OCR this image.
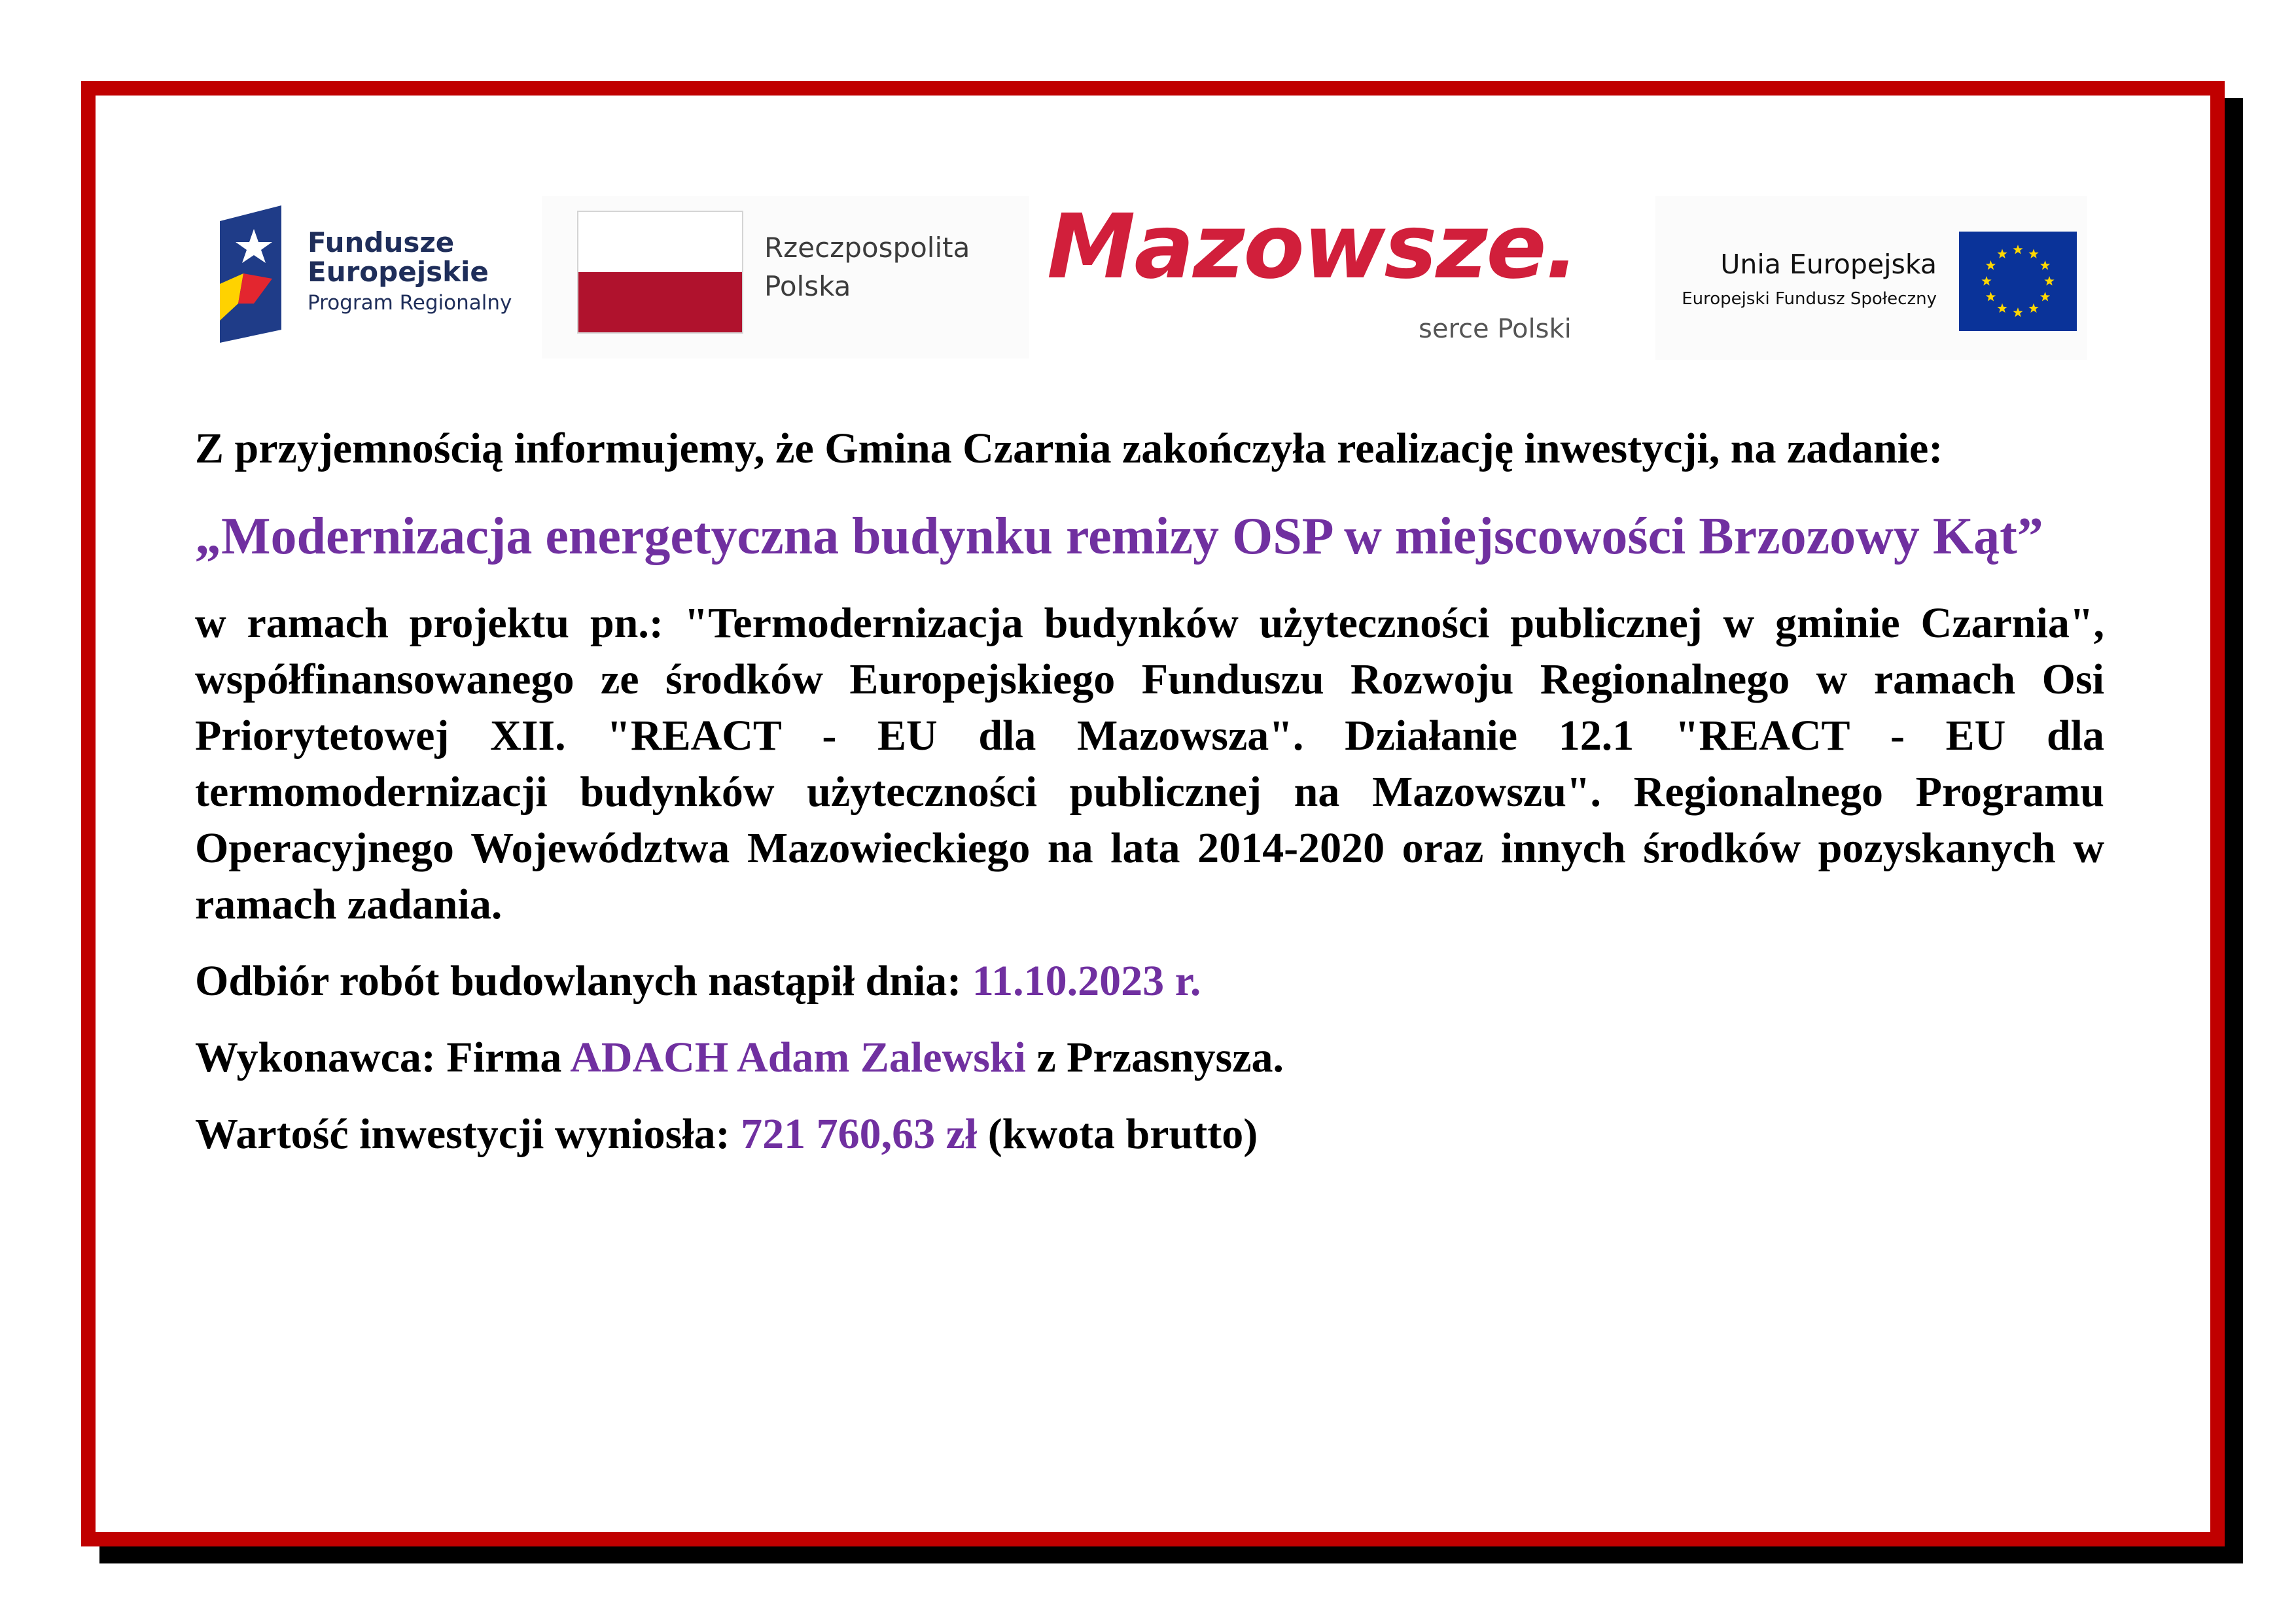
Fundusze
Europejskie
Program Regionalny
Rzeczpospolita
Polska	Mazowsze.
serce Polski
Unia Europejska
Europejski Fundusz Społeczny

Z przyjemnością informujemy, że Gmina Czarnia zakończyła realizację inwestycji, na zadanie:

„Modernizacja energetyczna budynku remizy OSP w miejscowości Brzozowy Kąt”

w ramach projektu pn.: "Termodernizacja budynków użyteczności publicznej w gminie Czarnia", współfinansowanego ze środków Europejskiego Funduszu Rozwoju Regionalnego w ramach Osi Priorytetowej XII. "REACT - EU dla Mazowsza". Działanie 12.1 "REACT - EU dla termomodernizacji budynków użyteczności publicznej na Mazowszu". Regionalnego Programu Operacyjnego Województwa Mazowieckiego na lata 2014-2020 oraz innych środków pozyskanych w ramach zadania.

Odbiór robót budowlanych nastąpił dnia: 11.10.2023 r.

Wykonawca: Firma ADACH Adam Zalewski z Przasnysza.

Wartość inwestycji wyniosła: 721 760,63 zł (kwota brutto)
